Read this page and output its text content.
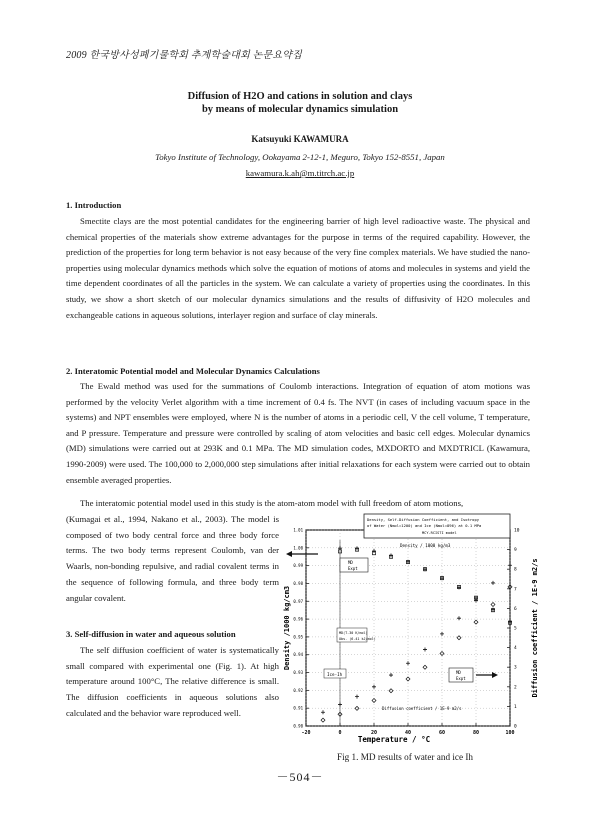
2009 한국방사성폐기물학회 추계학술대회 논문요약집
Diffusion of H2O and cations in solution and clays
by means of molecular dynamics simulation
Katsuyuki KAWAMURA
Tokyo Institute of Technology, Ookayama 2-12-1, Meguro, Tokyo 152-8551, Japan
kawamura.k.ah@m.titrch.ac.jp
1. Introduction

Smectite clays are the most potential candidates for the engineering barrier of high level radioactive waste. The physical and chemical properties of the materials show extreme advantages for the purpose in terms of the required capability. However, the prediction of the properties for long term behavior is not easy because of the very fine complex materials. We have studied the nano-properties using molecular dynamics methods which solve the equation of motions of atoms and molecules in systems and yield the time dependent coordinates of all the particles in the system. We can calculate a variety of properties using the coordinates. In this study, we show a short sketch of our molecular dynamics simulations and the results of diffusivity of H2O molecules and exchangeable cations in aqueous solutions, interlayer region and surface of clay minerals.

2. Interatomic Potential model and Molecular Dynamics Calculations

The Ewald method was used for the summations of Coulomb interactions. Integration of equation of atom motions was performed by the velocity Verlet algorithm with a time increment of 0.4 fs. The NVT (in cases of including vacuum space in the systems) and NPT ensembles were employed, where N is the number of atoms in a periodic cell, V the cell volume, T temperature, and P pressure. Temperature and pressure were controlled by scaling of atom velocities and basic cell edges. Molecular dynamics (MD) simulations were carried out at 293K and 0.1 MPa. The MD simulation codes, MXDORTO and MXDTRICL (Kawamura, 1990-2009) were used. The 100,000 to 2,000,000 step simulations after initial relaxations for each system were carried out to obtain ensemble averaged properties.

The interatomic potential model used in this study is the atom-atom model with full freedom of atom motions,

(Kumagai et al., 1994, Nakano et al., 2003). The model is composed of two body central force and three body force terms. The two body terms represent Coulomb, van der Waarls, non-bonding repulsive, and radial covalent terms in the sequence of following formula, and three body term angular covalent.

3. Self-diffusion in water and aqueous solution

The self diffusion coefficient of water is systematically small compared with experimental one (Fig. 1). At high temperature around 100°C, The relative difference is small. The diffusion coefficients in aqueous solutions also calculated and the behavior ware reproduced well.

-20	0	20	40	60	80	100
0.90
0.91
0.92
0.93
0.94
0.95
0.96
0.97
0.98
0.99
1.00
1.01
0
1
2
3
4
5
6
7
8
9
10
Density, Self-Diffusion Coefficient, and Isotropy
of Water (Nmol=1200) and Ice (Nmol=896) at 0.1 MPa
MCY-RCISTI model
Density / 1000 kg/m3
MD
Expt
MD(T-30 K/mol)
Obs. (6.41 kJ/mol)
Ice-Ih	MD
Expt
Diffusion coefficient / 1E-9 m2/s
Temperature / °C
Density /1000 kg/cm3	Diffusion coefficient / 1E-9 m2/s
Fig 1. MD results of water and ice Ih
－504－
